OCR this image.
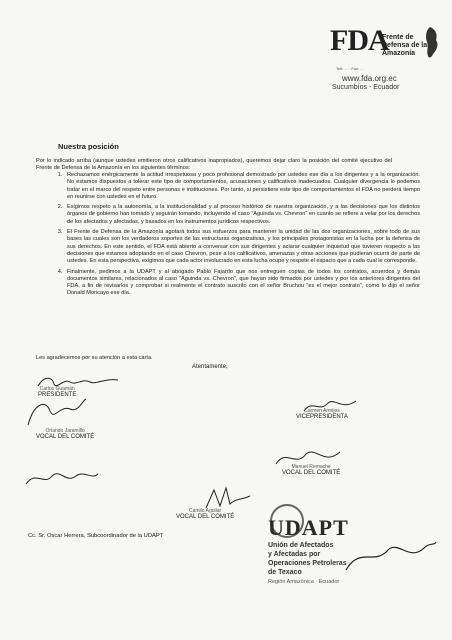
FDA
Frente de Defensa de la Amazonía
Telf: ... · Fax: ...
www.fda.org.ec
Sucumbíos - Ecuador
Nuestra posición
Por lo indicado arriba (aunque ustedes emitieron otros calificativos inapropiados), queremos dejar claro la posición del comité ejecutivo del Frente de Defensa de la Amazonía en los siguientes términos:
1. Rechazamos enérgicamente la actitud irrespetuosa y poco profesional demostrado por ustedes ese día a los dirigentes y a la organización. No estamos dispuestos a tolerar este tipo de comportamientos, acusaciones y calificativos inadecuados. Cualquier divergencia lo podemos tratar en el marco del respeto entre personas e instituciones. Por tanto, si persistiere este tipo de comportamientos el FDA no perderá tiempo en reunirse con ustedes en el futuro.
2. Exigimos respeto a la autonomía, a la institucionalidad y al proceso histórico de nuestra organización, y a las decisiones que los distintos órganos de gobierno han tomado y seguirán tomando, incluyendo el caso "Aguinda vs. Chevron" en cuanto se refiere a velar por los derechos de los afectados y afectadas, y basados en los instrumentos jurídicos respectivos.
3. El Frente de Defensa de la Amazonía agotará todos sus esfuerzos para mantener la unidad de las dos organizaciones, sobre todo de sus bases las cuales son los verdaderos soportes de las estructuras organizativas, y los principales protagonistas en la lucha por la defensa de sus derechos. En este sentido, el FDA está abierto a conversar con sus dirigentes y aclarar cualquier inquietud que tuvieren respecto a las decisiones que estamos adoptando en el caso Chevron, pese a los calificativos, amenazas y otras acciones que pudieran ocurrir de parte de ustedes. En esta perspectiva, exigimos que cada actor involucrado en esta lucha ocupe y respete el espacio que a cada cual le corresponde.
4. Finalmente, pedimos a la UDAPT y al abogado Pablo Fajardo que nos entreguen copias de todos los contratos, acuerdos y demás documentos similares, relacionados al caso "Aguinda vs. Chevron", que hayan sido firmados por ustedes y por los anteriores dirigentes del FDA, a fin de revisarlos y comprobar si realmente el contrato suscrito con el señor Bruchou "es el mejor contrato", como lo dijo el señor Donald Moncayo ese día.
Les agradecemos por su atención a esta carta.
Atentamente,
Carlos Guamán
PRESIDENTE
Carmen Armijos
VICEPRESIDENTA
Orlando Jaramillo
VOCAL DEL COMITÉ
Manuel Remache
VOCAL DEL COMITÉ
Camilo Aguilar
VOCAL DEL COMITÉ
Cc. Sr. Oscar Herrera, Subcoordinador de la UDAPT	UDAPT
Unión de Afectados
y Afectadas por
Operaciones Petroleras
de Texaco
Región Amazónica · Ecuador
